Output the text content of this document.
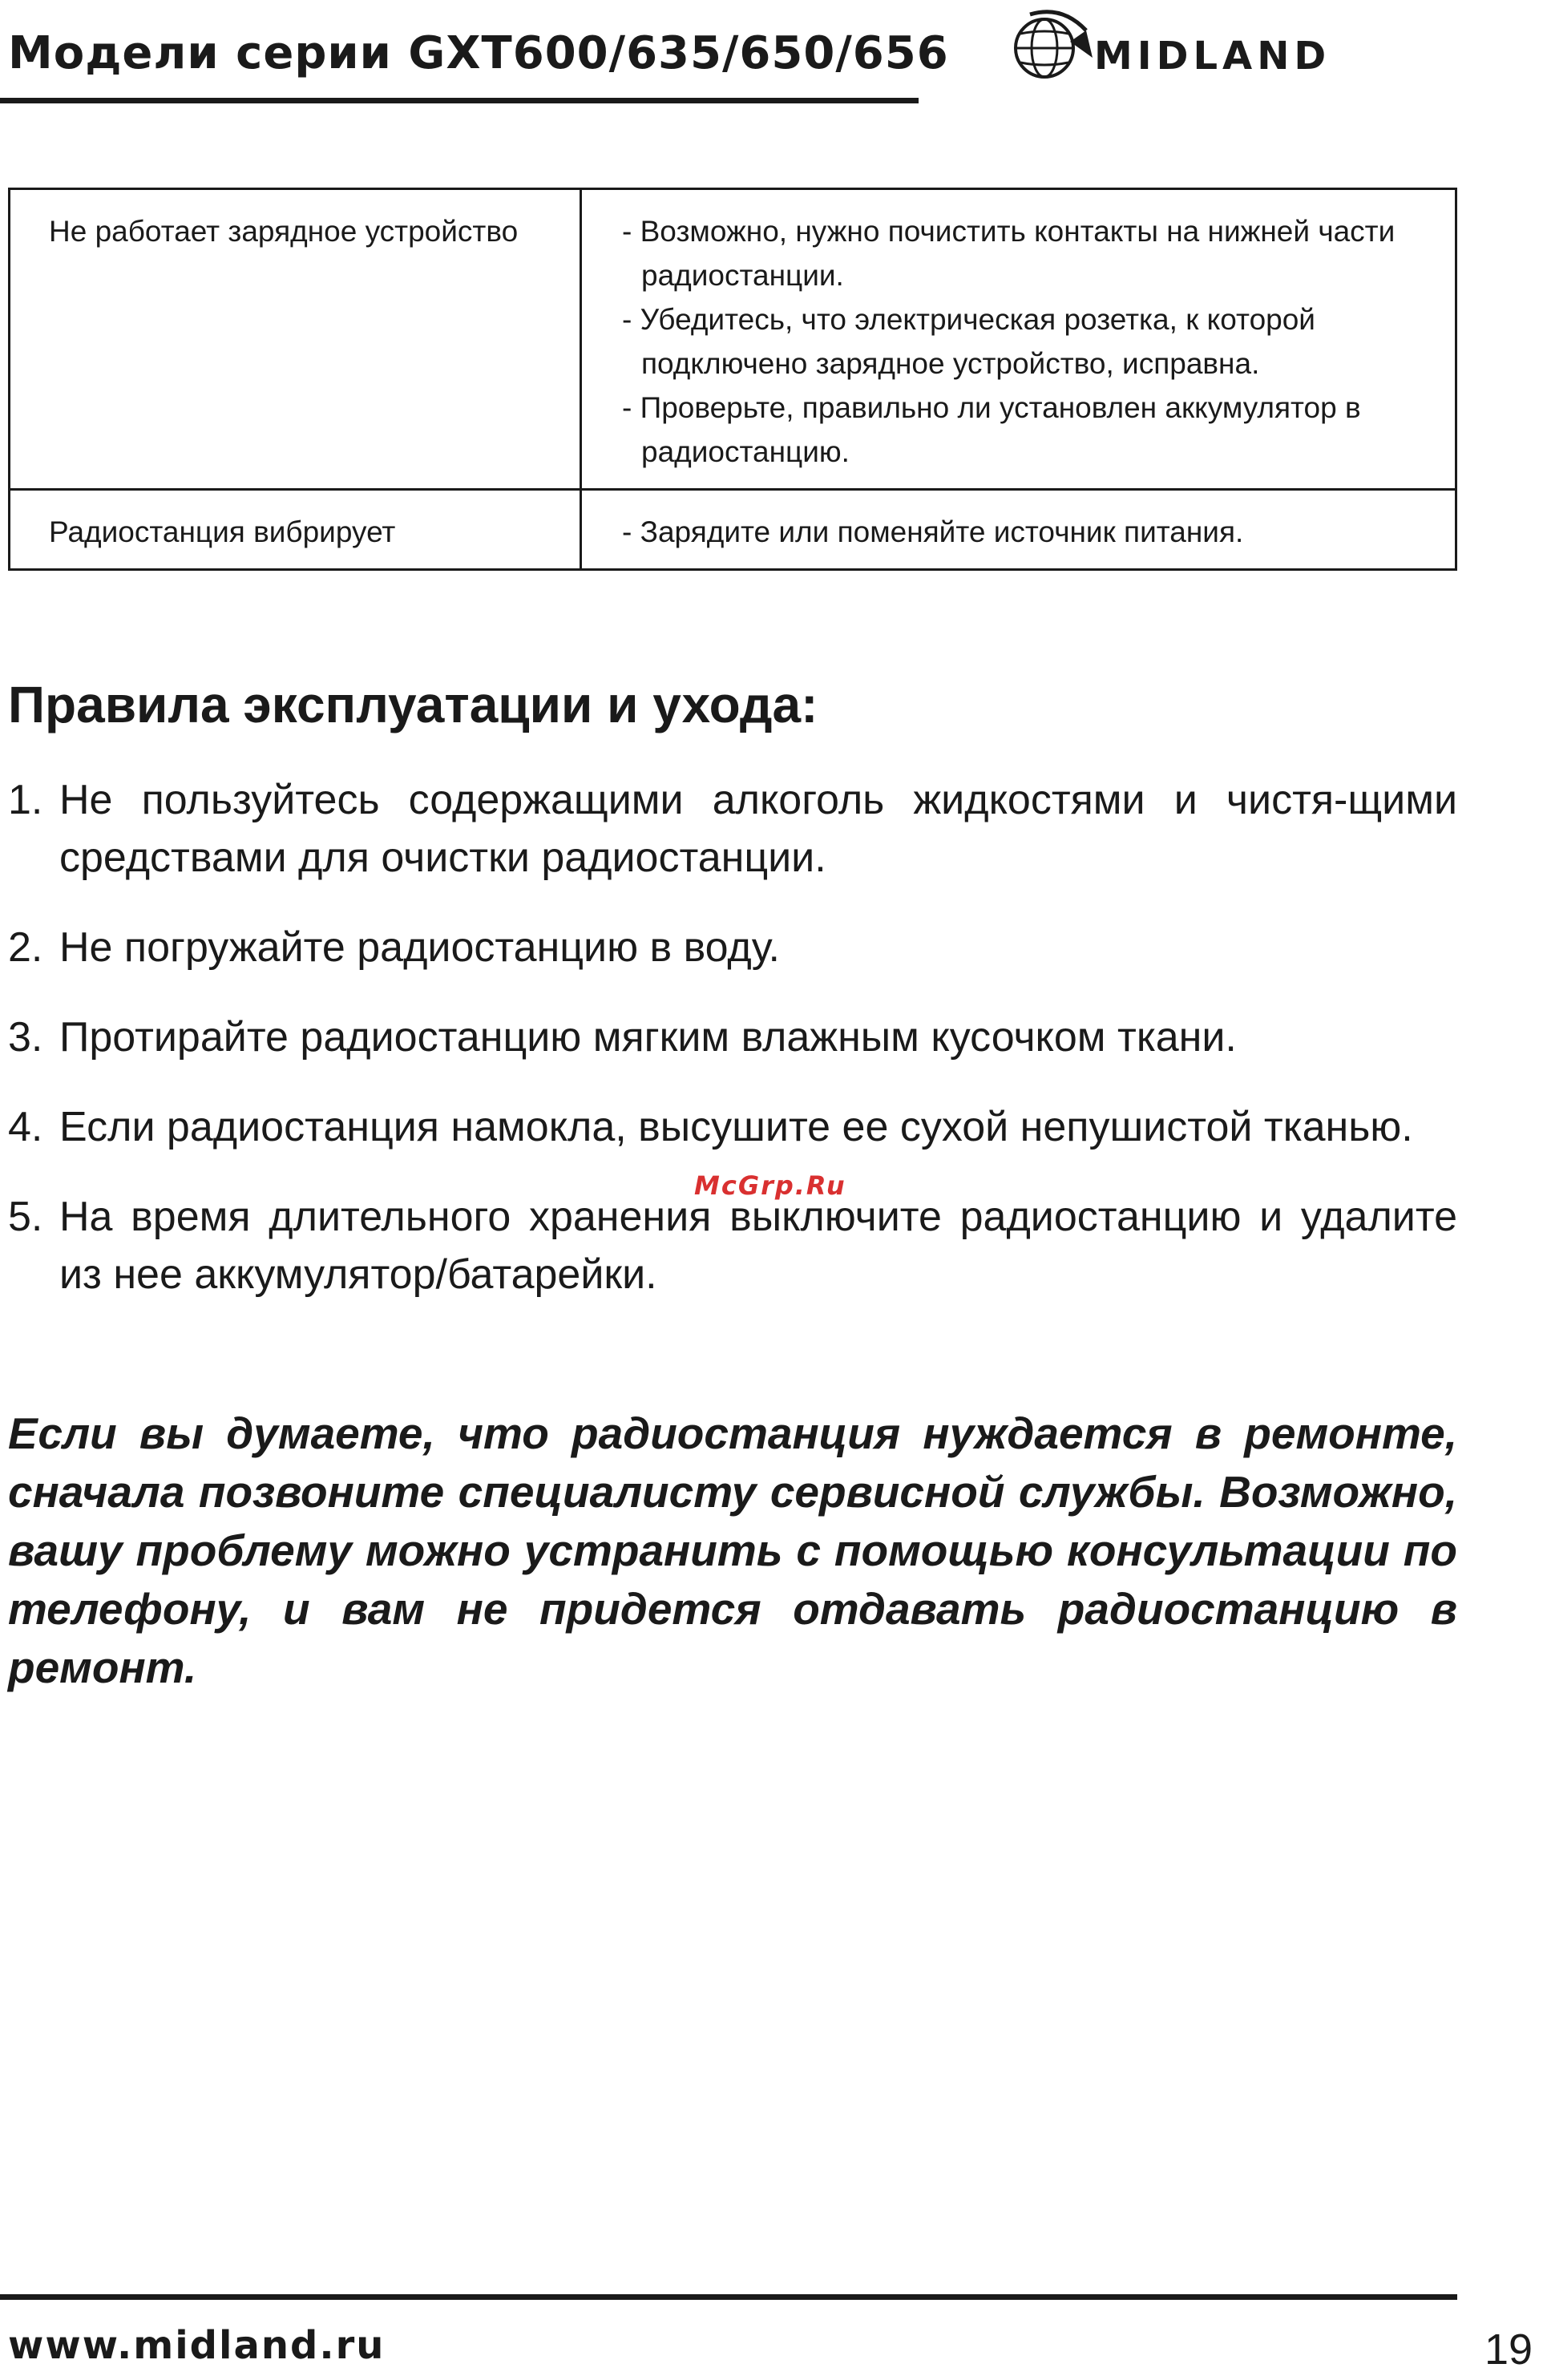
Модели серии GXT600/635/650/656	MIDLAND
Не работает зарядное устройство	- Возможно, нужно почистить контакты на нижней части радиостанции.
- Убедитесь, что электрическая розетка, к которой подключено зарядное устройство, исправна.
- Проверьте, правильно ли установлен аккумулятор в радиостанцию.

Радиостанция вибрирует	- Зарядите или поменяйте источник питания.
Правила эксплуатации и ухода:
1. Не пользуйтесь содержащими алкоголь жидкостями и чистя-щими средствами для очистки радиостанции.
2. Не погружайте радиостанцию в воду.
3. Протирайте радиостанцию мягким влажным кусочком ткани.
4. Если радиостанция намокла, высушите ее сухой непушистой тканью.
5. На время длительного хранения выключите радиостанцию и удалите из нее аккумулятор/батарейки.
McGrp.Ru
Если вы думаете, что радиостанция нуждается в ремонте, сначала позвоните специалисту сервисной службы. Возможно, вашу проблему можно устранить с помощью консультации по телефону, и вам не придется отдавать радиостанцию в ремонт.
www.midland.ru	19
